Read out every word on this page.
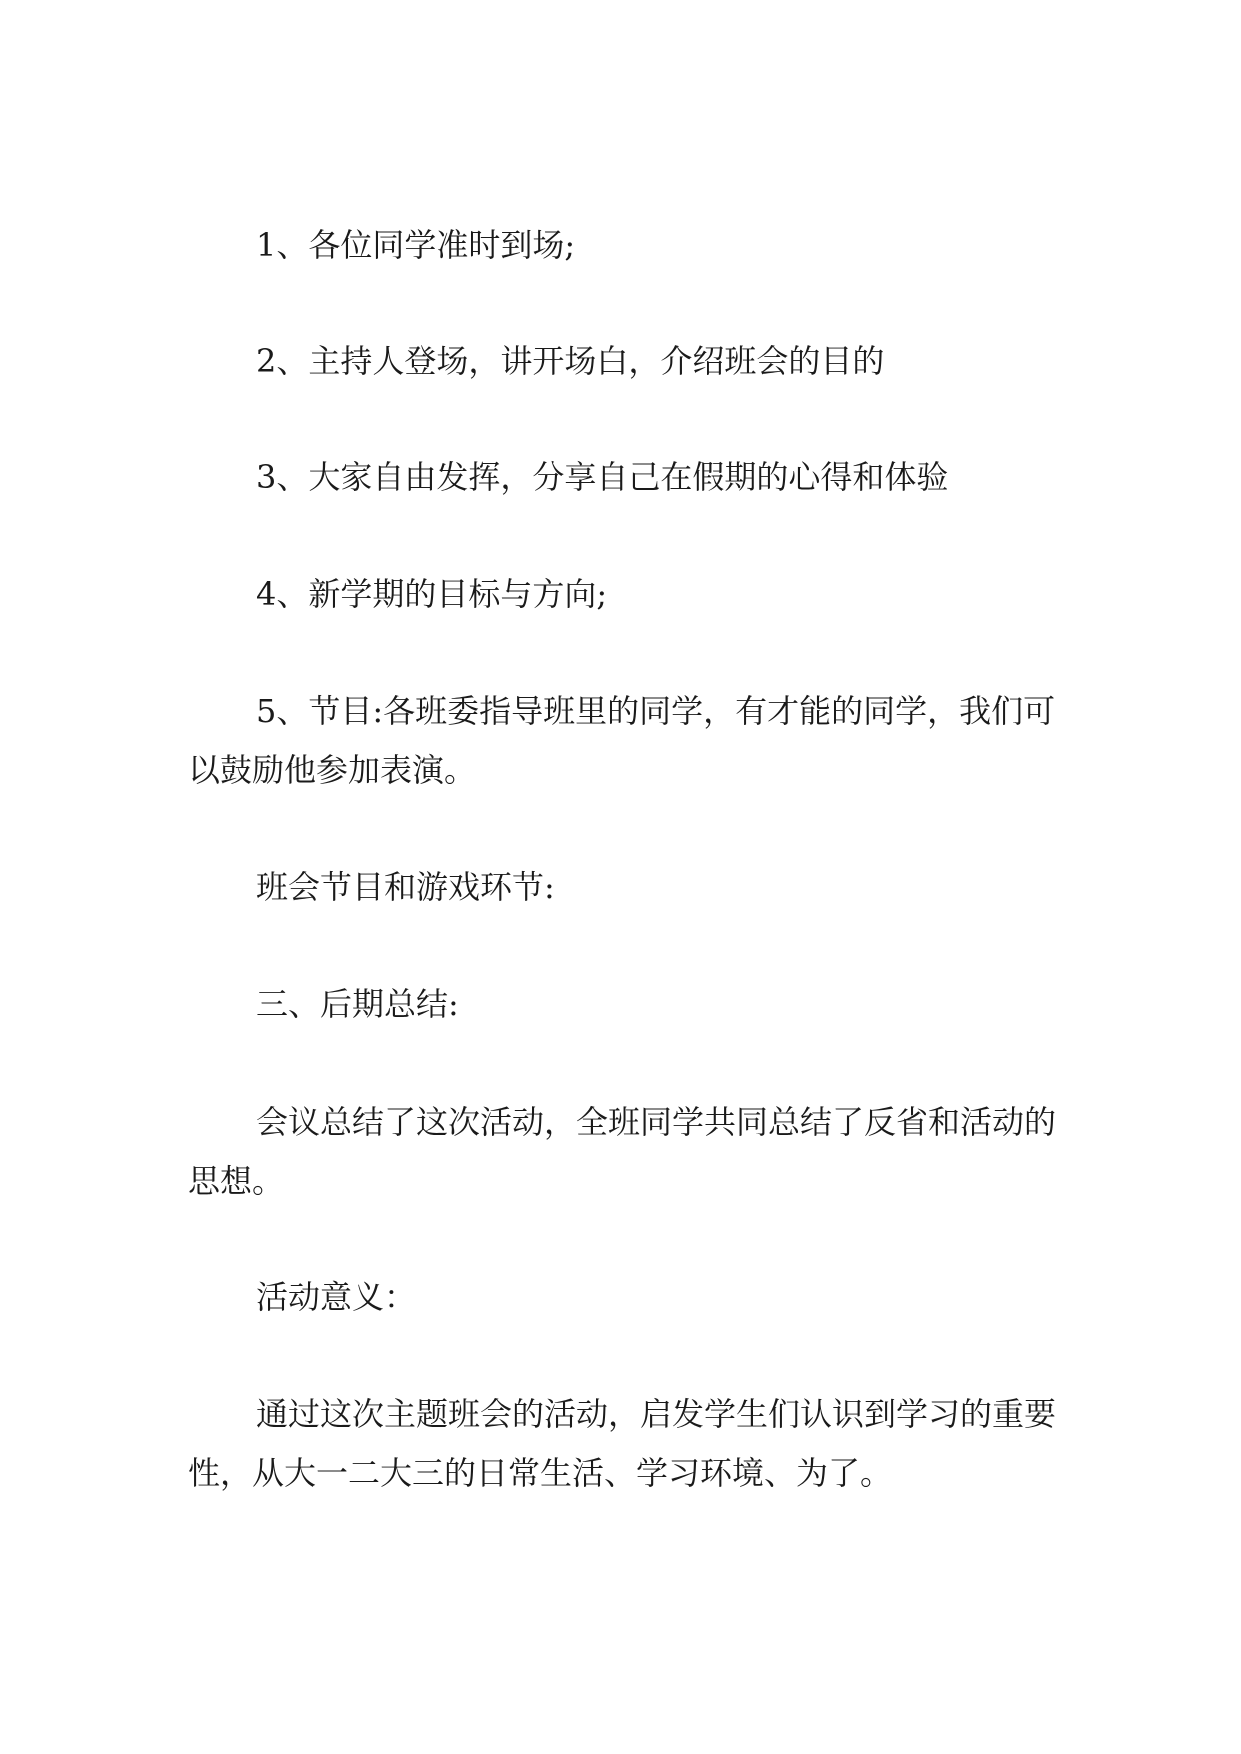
1、各位同学准时到场;

2、主持人登场，讲开场白，介绍班会的目的

3、大家自由发挥，分享自己在假期的心得和体验

4、新学期的目标与方向;

5、节目:各班委指导班里的同学，有才能的同学，我们可以鼓励他参加表演。

班会节目和游戏环节:

三、后期总结:

会议总结了这次活动，全班同学共同总结了反省和活动的思想。

活动意义：

通过这次主题班会的活动，启发学生们认识到学习的重要性，从大一二大三的日常生活、学习环境、为了。
